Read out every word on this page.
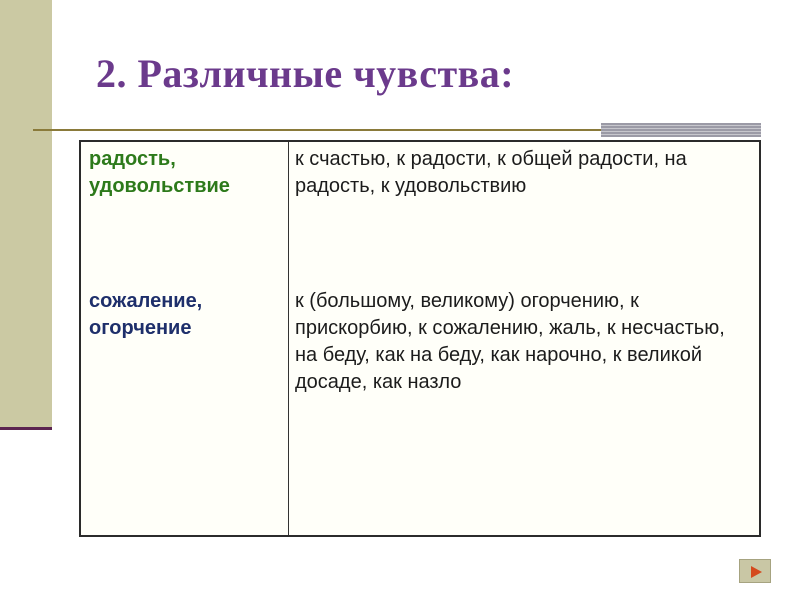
2. Различные чувства:
радость, удовольствие
к счастью, к радости, к общей радости, на радость, к удовольствию
сожаление, огорчение
к (большому, великому) огорчению, к прискорбию, к сожалению, жаль, к несчастью, на беду, как на беду, как нарочно, к великой досаде, как назло
